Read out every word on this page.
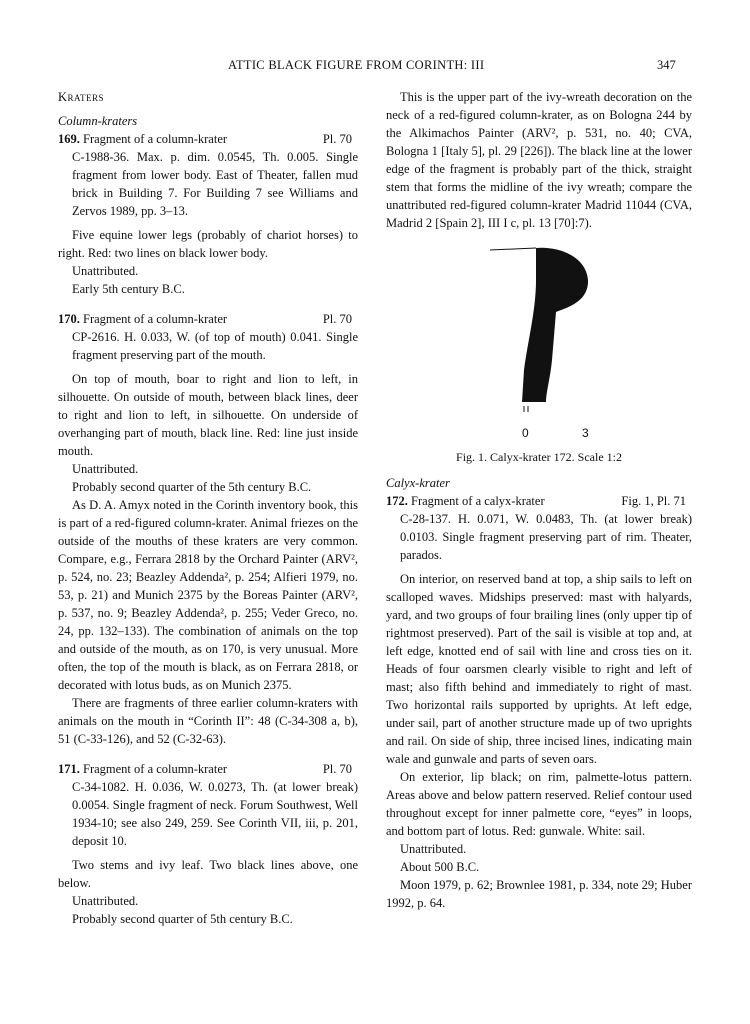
ATTIC BLACK FIGURE FROM CORINTH: III	347

Kraters

Column-kraters

169. Fragment of a column-krater	Pl. 70

C-1988-36. Max. p. dim. 0.0545, Th. 0.005. Single fragment from lower body. East of Theater, fallen mud brick in Building 7. For Building 7 see Williams and Zervos 1989, pp. 3–13.

Five equine lower legs (probably of chariot horses) to right. Red: two lines on black lower body.

Unattributed.

Early 5th century B.C.

170. Fragment of a column-krater	Pl. 70

CP-2616. H. 0.033, W. (of top of mouth) 0.041. Single fragment preserving part of the mouth.

On top of mouth, boar to right and lion to left, in silhouette. On outside of mouth, between black lines, deer to right and lion to left, in silhouette. On underside of overhanging part of mouth, black line. Red: line just inside mouth.

Unattributed.

Probably second quarter of the 5th century B.C.

As D. A. Amyx noted in the Corinth inventory book, this is part of a red-figured column-krater. Animal friezes on the outside of the mouths of these kraters are very common. Compare, e.g., Ferrara 2818 by the Orchard Painter (ARV², p. 524, no. 23; Beazley Addenda², p. 254; Alfieri 1979, no. 53, p. 21) and Munich 2375 by the Boreas Painter (ARV², p. 537, no. 9; Beazley Addenda², p. 255; Veder Greco, no. 24, pp. 132–133). The combination of animals on the top and outside of the mouth, as on 170, is very unusual. More often, the top of the mouth is black, as on Ferrara 2818, or decorated with lotus buds, as on Munich 2375.

There are fragments of three earlier column-kraters with animals on the mouth in “Corinth II”: 48 (C-34-308 a, b), 51 (C-33-126), and 52 (C-32-63).

171. Fragment of a column-krater	Pl. 70

C-34-1082. H. 0.036, W. 0.0273, Th. (at lower break) 0.0054. Single fragment of neck. Forum Southwest, Well 1934-10; see also 249, 259. See Corinth VII, iii, p. 201, deposit 10.

Two stems and ivy leaf. Two black lines above, one below.

Unattributed.

Probably second quarter of 5th century B.C.

This is the upper part of the ivy-wreath decoration on the neck of a red-figured column-krater, as on Bologna 244 by the Alkimachos Painter (ARV², p. 531, no. 40; CVA, Bologna 1 [Italy 5], pl. 29 [226]). The black line at the lower edge of the fragment is probably part of the thick, straight stem that forms the midline of the ivy wreath; compare the unattributed red-figured column-krater Madrid 11044 (CVA, Madrid 2 [Spain 2], III I c, pl. 13 [70]:7).

0	3

Fig. 1. Calyx-krater 172. Scale 1:2

Calyx-krater

172. Fragment of a calyx-krater	Fig. 1, Pl. 71

C-28-137. H. 0.071, W. 0.0483, Th. (at lower break) 0.0103. Single fragment preserving part of rim. Theater, parados.

On interior, on reserved band at top, a ship sails to left on scalloped waves. Midships preserved: mast with halyards, yard, and two groups of four brailing lines (only upper tip of rightmost preserved). Part of the sail is visible at top and, at left edge, knotted end of sail with line and cross ties on it. Heads of four oarsmen clearly visible to right and left of mast; also fifth behind and immediately to right of mast. Two horizontal rails supported by uprights. At left edge, under sail, part of another structure made up of two uprights and rail. On side of ship, three incised lines, indicating main wale and gunwale and parts of seven oars.

On exterior, lip black; on rim, palmette-lotus pattern. Areas above and below pattern reserved. Relief contour used throughout except for inner palmette core, “eyes” in loops, and bottom part of lotus. Red: gunwale. White: sail.

Unattributed.

About 500 B.C.

Moon 1979, p. 62; Brownlee 1981, p. 334, note 29; Huber 1992, p. 64.
